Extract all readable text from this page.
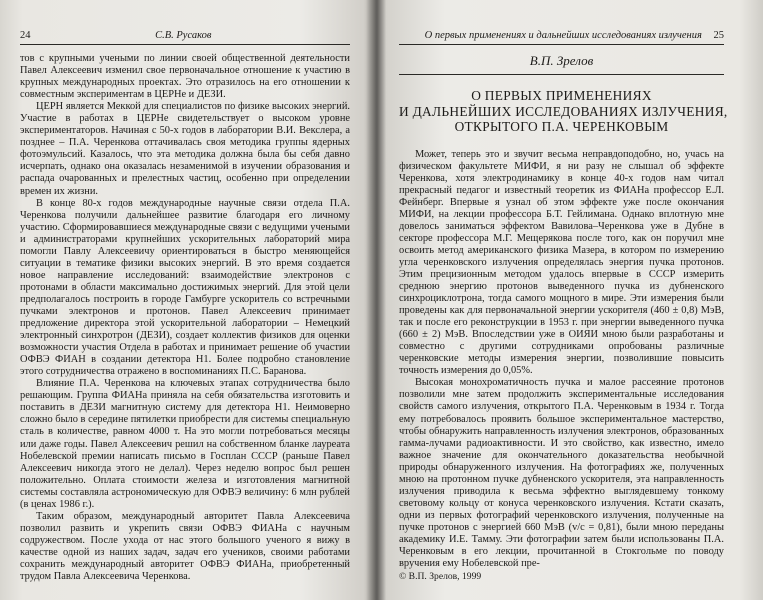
24	С.В. Русаков

тов с крупными учеными по линии своей общественной деятельности Павел Алексеевич изменил свое первоначальное отношение к участию в крупных международных проектах. Это отразилось на его отношении к совместным экспериментам в ЦЕРНе и ДЕЗИ.

ЦЕРН является Меккой для специалистов по физике высоких энергий. Участие в работах в ЦЕРНе свидетельствует о высоком уровне экспериментаторов. Начиная с 50-х годов в лаборатории В.И. Векслера, а позднее – П.А. Черенкова оттачивалась своя методика группы ядерных фотоэмульсий. Казалось, что эта методика должна была бы себя давно исчерпать, однако она оказалась незаменимой в изучении образования и распада очарованных и прелестных частиц, особенно при определении времен их жизни.

В конце 80-х годов международные научные связи отдела П.А. Черенкова получили дальнейшее развитие благодаря его личному участию. Сформировавшиеся международные связи с ведущими учеными и администраторами крупнейших ускорительных лабораторий мира помогли Павлу Алексеевичу ориентироваться в быстро меняющейся ситуации в тематике физики высоких энергий. В это время создается новое направление исследований: взаимодействие электронов с протонами в области максимально достижимых энергий. Для этой цели предполагалось построить в городе Гамбурге ускоритель со встречными пучками электронов и протонов. Павел Алексеевич принимает предложение директора этой ускорительной лаборатории – Немецкий электронный синхротрон (ДЕЗИ), создает коллектив физиков для оценки возможности участия Отдела в работах и принимает решение об участии ОФВЭ ФИАН в создании детектора Н1. Более подробно становление этого сотрудничества отражено в воспоминаниях П.С. Баранова.

Влияние П.А. Черенкова на ключевых этапах сотрудничества было решающим. Группа ФИАНа приняла на себя обязательства изготовить и поставить в ДЕЗИ магнитную систему для детектора Н1. Неимоверно сложно было в середине пятилетки приобрести для системы специальную сталь в количестве, равном 4000 т. На это могли потребоваться месяцы или даже годы. Павел Алексеевич решил на собственном бланке лауреата Нобелевской премии написать письмо в Госплан СССР (раньше Павел Алексеевич никогда этого не делал). Через неделю вопрос был решен положительно. Оплата стоимости железа и изготовления магнитной системы составляла астрономическую для ОФВЭ величину: 6 млн рублей (в ценах 1986 г.).

Таким образом, международный авторитет Павла Алексеевича позволил развить и укрепить связи ОФВЭ ФИАНа с научным содружеством. После ухода от нас этого большого ученого я вижу в качестве одной из наших задач, задач его учеников, своими работами сохранить международный авторитет ОФВЭ ФИАНа, приобретенный трудом Павла Алексеевича Черенкова.

О первых применениях и дальнейших исследованиях излучения 25
В.П. Зрелов
О ПЕРВЫХ ПРИМЕНЕНИЯХ
И ДАЛЬНЕЙШИХ ИССЛЕДОВАНИЯХ ИЗЛУЧЕНИЯ,
ОТКРЫТОГО П.А. ЧЕРЕНКОВЫМ

Может, теперь это и звучит весьма неправдоподобно, но, учась на физическом факультете МИФИ, я ни разу не слышал об эффекте Черенкова, хотя электродинамику в конце 40-х годов нам читал прекрасный педагог и известный теоретик из ФИАНа профессор Е.Л. Фейнберг. Впервые я узнал об этом эффекте уже после окончания МИФИ, на лекции профессора Б.Т. Гейлимана. Однако вплотную мне довелось заниматься эффектом Вавилова–Черенкова уже в Дубне в секторе профессора М.Г. Мещерякова после того, как он поручил мне освоить метод американского физика Мазера, в котором по измерению угла черенковского излучения определялась энергия пучка протонов. Этим прецизионным методом удалось впервые в СССР измерить среднюю энергию протонов выведенного пучка из дубненского синхроциклотрона, тогда самого мощного в мире. Эти измерения были проведены как для первоначальной энергии ускорителя (460 ± 0,8) МэВ, так и после его реконструкции в 1953 г. при энергии выведенного пучка (660 ± 2) МэВ. Впоследствии уже в ОИЯИ мною были разработаны и совместно с другими сотрудниками опробованы различные черенковские методы измерения энергии, позволившие повысить точность измерения до 0,05%.

Высокая монохроматичность пучка и малое рассеяние протонов позволили мне затем продолжить экспериментальные исследования свойств самого излучения, открытого П.А. Черенковым в 1934 г. Тогда ему потребовалось проявить большое экспериментальное мастерство, чтобы обнаружить направленность излучения электронов, образованных гамма-лучами радиоактивности. И это свойство, как известно, имело важное значение для окончательного доказательства необычной природы обнаруженного излучения. На фотографиях же, полученных мною на протонном пучке дубненского ускорителя, эта направленность излучения приводила к весьма эффектно выглядевшему тонкому световому кольцу от конуса черенковского излучения. Кстати сказать, одни из первых фотографий черенковского излучения, полученные на пучке протонов с энергией 660 МэВ (v/c = 0,81), были мною переданы академику И.Е. Тамму. Эти фотографии затем были использованы П.А. Черенковым в его лекции, прочитанной в Стокгольме по поводу вручения ему Нобелевской пре-

© В.П. Зрелов, 1999
